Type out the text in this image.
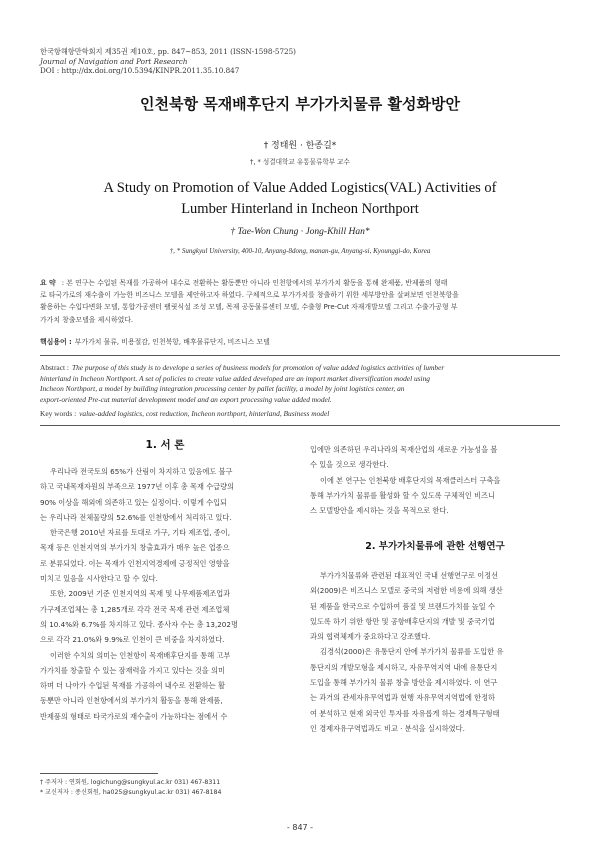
한국항해항만학회지 제35권 제10호, pp. 847~853, 2011 (ISSN-1598-5725)
Journal of Navigation and Port Research
DOI : http://dx.doi.org/10.5394/KINPR.2011.35.10.847
인천북항 목재배후단지 부가가치물류 활성화방안
† 정태원 · 한종길*
†, * 성결대학교 유통물류학부 교수
A Study on Promotion of Value Added Logistics(VAL) Activities of
Lumber Hinterland in Incheon Northport
† Tae-Won Chung · Jong-Khill Han*
†, * Sungkyul University, 400-10, Anyang-8dong, manan-gu, Anyang-si, Kyounggi-do, Korea
요 약 : 본 연구는 수입된 목재를 가공하여 내수로 전환하는 활동뿐만 아니라 인천항에서의 부가가치 활동을 통해 완제품, 반제품의 형태
로 타국가로의 재수출이 가능한 비즈니스 모델을 제안하고자 하였다. 구체적으로 부가가치를 창출하기 위한 세부방안을 살펴보면 인천북항을
활용하는 수입다변화 모델, 통합가공센터 팰릿식설 조성 모델, 목재 공동물류센터 모델, 수출형 Pre-Cut 자재개발모델 그리고 수출가공형 부
가가치 창출모델을 제시하였다.
핵심용어 : 부가가치 물류, 비용절감, 인천북항, 배후물류단지, 비즈니스 모델
Abstract : The purpose of this study is to develope a series of business models for promotion of value added logistics activities of lumber
hinterland in Incheon Northport. A set of policies to create value added developed are an import market diversification model using
Incheon Northport, a model by building integration processing center by pallet facility, a model by joint logistics center, an
export-oriented Pre-cut material development model and an export processing value added model.
Key words : value-added logistics, cost reduction, Incheon northport, hinterland, Business model
1. 서 론
우리나라 전국토의 65%가 산림이 차지하고 있음에도 불구
하고 국내목재자원의 부족으로 1977년 이후 총 목재 수급량의
90% 이상을 해외에 의존하고 있는 실정이다. 이렇게 수입되
는 우리나라 전체물량의 52.6%를 인천항에서 처리하고 있다.
한국은행 2010년 자료를 토대로 가구, 기타 제조업, 종이,
목재 등은 인천지역의 부가가치 창출효과가 매우 높은 업종으
로 분류되었다. 이는 목재가 인천지역경제에 긍정적인 영향을
미치고 있음을 시사한다고 할 수 있다.
또한, 2009년 기준 인천지역의 목재 및 나무제품제조업과
가구제조업체는 총 1,285개로 각각 전국 목재 관련 제조업체
의 10.4%와 6.7%를 차지하고 있다. 종사자 수는 총 13,202명
으로 각각 21.0%와 9.9%로 인천이 큰 비중을 차지하였다.
이러한 수치의 의미는 인천항이 목재배후단지를 통해 고부
가가치를 창출할 수 있는 잠재력을 가지고 있다는 것을 의미
하며 더 나아가 수입된 목재를 가공하여 내수로 전환하는 활
동뿐만 아니라 인천항에서의 부가가치 활동을 통해 완제품,
반제품의 형태로 타국가로의 재수출이 가능하다는 점에서 수
입에만 의존하던 우리나라의 목재산업의 새로운 가능성을 볼
수 있을 것으로 생각한다.
이에 본 연구는 인천북항 배후단지의 목재클러스터 구축을
통해 부가가치 물류를 활성화 할 수 있도록 구체적인 비즈니
스 모델방안을 제시하는 것을 목적으로 한다.
2. 부가가치물류에 관한 선행연구
부가가치물류와 관련된 대표적인 국내 선행연구로 이정선
외(2009)은 비즈니스 모델로 중국의 저렴한 비용에 의해 생산
된 제품을 한국으로 수입하여 품질 및 브랜드가치를 높일 수
있도록 하기 위한 항만 및 공항배후단지의 개발 및 중국기업
과의 협력체제가 중요하다고 강조했다.
김경석(2000)은 유통단지 안에 부가가치 물류를 도입한 유
통단지의 개발모형을 제시하고, 자유무역지역 내에 유통단지
도입을 통해 부가가치 물류 창출 방안을 제시하였다. 이 연구
는 과거의 관세자유무역법과 현행 자유무역지역법에 한정하
여 분석하고 현재 외국인 투자를 자유롭게 하는 경제특구형태
인 경제자유구역법과도 비교 · 분석을 실시하였다.
† 주저자 : 연회원, logichung@sungkyul.ac.kr 031) 467-8311
* 교신저자 : 종신회원, ha025@sungkyul.ac.kr 031) 467-8184
- 847 -
